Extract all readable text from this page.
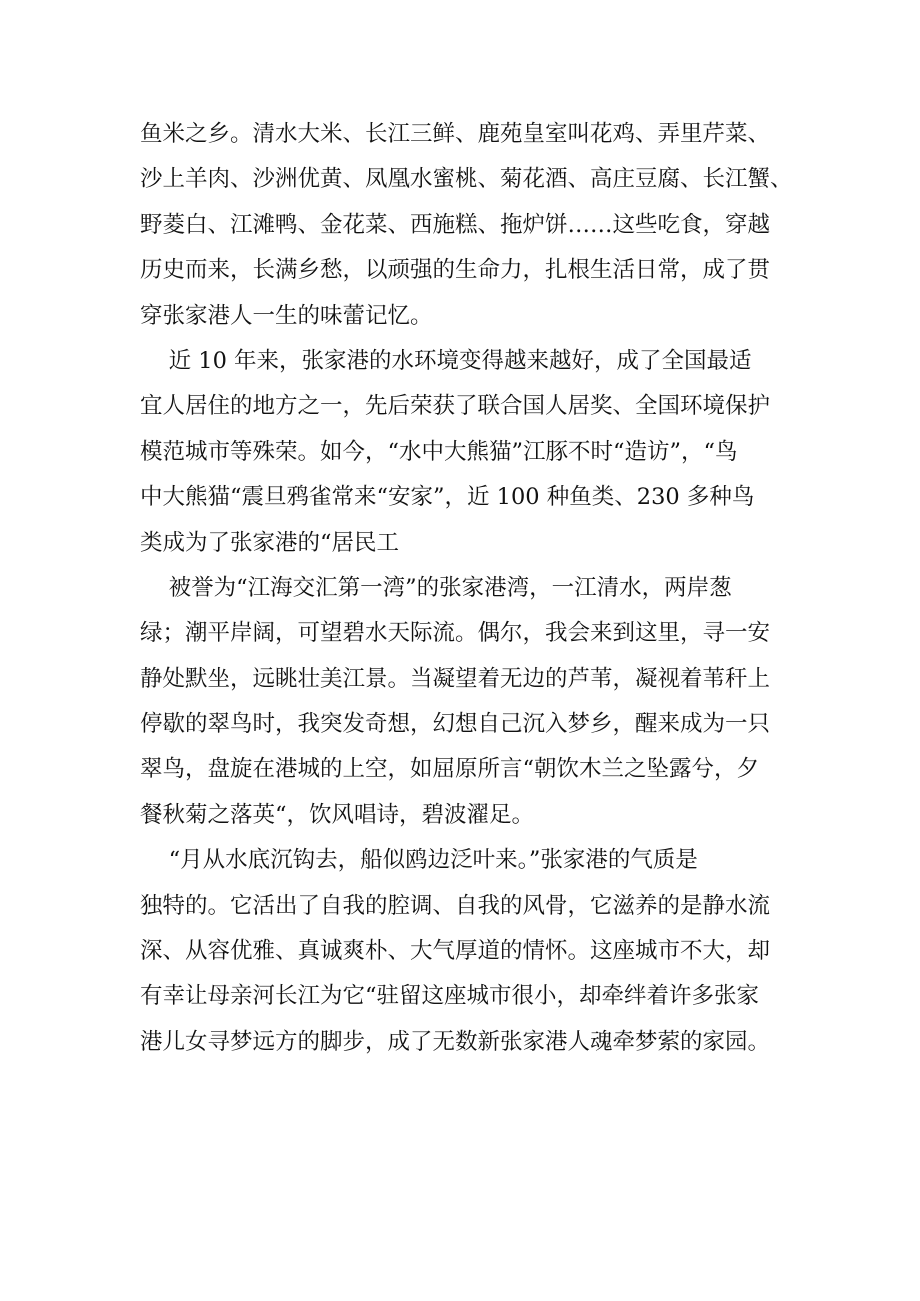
鱼米之乡。清水大米、长江三鲜、鹿苑皇室叫花鸡、弄里芹菜、
沙上羊肉、沙洲优黄、凤凰水蜜桃、菊花酒、高庄豆腐、长江蟹、
野菱白、江滩鸭、金花菜、西施糕、拖炉饼……这些吃食，穿越
历史而来，长满乡愁，以顽强的生命力，扎根生活日常，成了贯
穿张家港人一生的味蕾记忆。
近 10 年来，张家港的水环境变得越来越好，成了全国最适
宜人居住的地方之一，先后荣获了联合国人居奖、全国环境保护
模范城市等殊荣。如今，“水中大熊猫”江豚不时“造访”，“鸟
中大熊猫“震旦鸦雀常来“安家”，近 100 种鱼类、230 多种鸟
类成为了张家港的“居民工
被誉为“江海交汇第一湾”的张家港湾，一江清水，两岸葱
绿；潮平岸阔，可望碧水天际流。偶尔，我会来到这里，寻一安
静处默坐，远眺壮美江景。当凝望着无边的芦苇，凝视着苇秆上
停歇的翠鸟时，我突发奇想，幻想自己沉入梦乡，醒来成为一只
翠鸟，盘旋在港城的上空，如屈原所言“朝饮木兰之坠露兮，夕
餐秋菊之落英“，饮风唱诗，碧波濯足。
“月从水底沉钩去，船似鸥边泛叶来。”张家港的气质是
独特的。它活出了自我的腔调、自我的风骨，它滋养的是静水流
深、从容优雅、真诚爽朴、大气厚道的情怀。这座城市不大，却
有幸让母亲河长江为它“驻留这座城市很小，却牵绊着许多张家
港儿女寻梦远方的脚步，成了无数新张家港人魂牵梦萦的家园。
